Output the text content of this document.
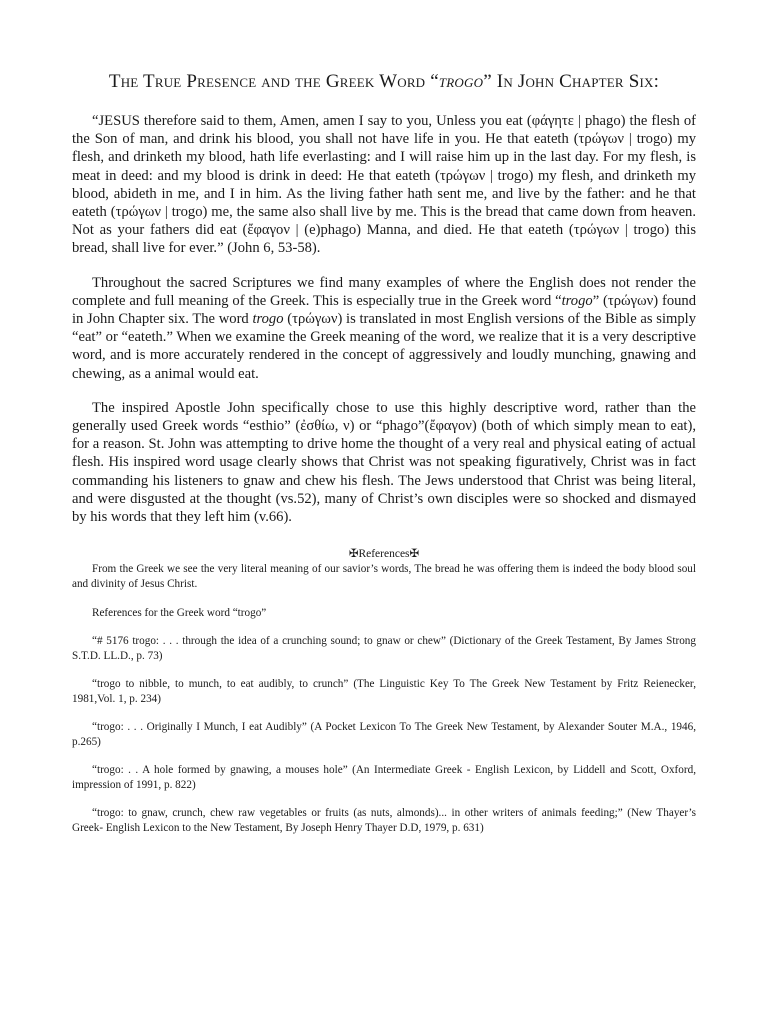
The True Presence and the Greek Word “trogo” In John Chapter Six:

“JESUS therefore said to them, Amen, amen I say to you, Unless you eat (φάγητε | phago) the flesh of the Son of man, and drink his blood, you shall not have life in you. He that eateth (τρώγων | trogo) my flesh, and drinketh my blood, hath life everlasting: and I will raise him up in the last day. For my flesh, is meat in deed: and my blood is drink in deed: He that eateth (τρώγων | trogo) my flesh, and drinketh my blood, abideth in me, and I in him. As the living father hath sent me, and live by the father: and he that eateth (τρώγων | trogo) me, the same also shall live by me. This is the bread that came down from heaven. Not as your fathers did eat (ἔφαγον | (e)phago) Manna, and died. He that eateth (τρώγων | trogo) this bread, shall live for ever.” (John 6, 53-58).

Throughout the sacred Scriptures we find many examples of where the English does not render the complete and full meaning of the Greek. This is especially true in the Greek word “trogo” (τρώγων) found in John Chapter six. The word trogo (τρώγων) is translated in most English versions of the Bible as simply “eat” or “eateth.” When we examine the Greek meaning of the word, we realize that it is a very descriptive word, and is more accurately rendered in the concept of aggressively and loudly munching, gnawing and chewing, as a animal would eat.

The inspired Apostle John specifically chose to use this highly descriptive word, rather than the generally used Greek words “esthio” (ἐσθίω, ν) or “phago”(ἔφαγον) (both of which simply mean to eat), for a reason. St. John was attempting to drive home the thought of a very real and physical eating of actual flesh. His inspired word usage clearly shows that Christ was not speaking figuratively, Christ was in fact commanding his listeners to gnaw and chew his flesh. The Jews understood that Christ was being literal, and were disgusted at the thought (vs.52), many of Christ’s own disciples were so shocked and dismayed by his words that they left him (v.66).

✠References✠

From the Greek we see the very literal meaning of our savior’s words, The bread he was offering them is indeed the body blood soul and divinity of Jesus Christ.

References for the Greek word “trogo”

“# 5176 trogo: . . . through the idea of a crunching sound; to gnaw or chew” (Dictionary of the Greek Testament, By James Strong S.T.D. LL.D., p. 73)

“trogo to nibble, to munch, to eat audibly, to crunch” (The Linguistic Key To The Greek New Testament by Fritz Reienecker, 1981,Vol. 1, p. 234)

“trogo: . . . Originally I Munch, I eat Audibly” (A Pocket Lexicon To The Greek New Testament, by Alexander Souter M.A., 1946, p.265)

“trogo: . . A hole formed by gnawing, a mouses hole” (An Intermediate Greek - English Lexicon, by Liddell and Scott, Oxford, impression of 1991, p. 822)

“trogo: to gnaw, crunch, chew raw vegetables or fruits (as nuts, almonds)... in other writers of animals feeding;” (New Thayer’s Greek- English Lexicon to the New Testament, By Joseph Henry Thayer D.D, 1979, p. 631)
